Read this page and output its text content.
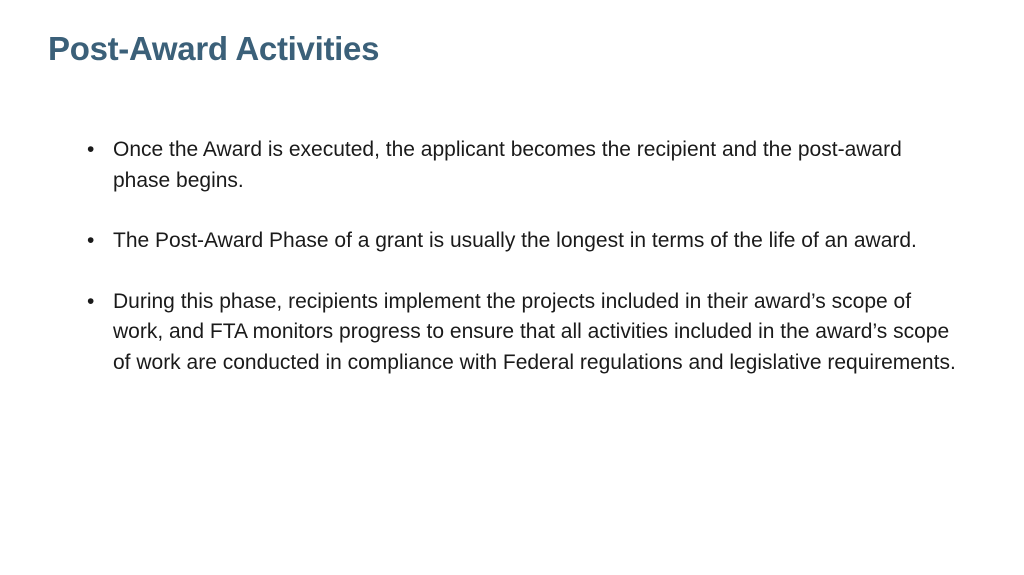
Post-Award Activities
• Once the Award is executed, the applicant becomes the recipient and the post-award phase begins.
• The Post-Award Phase of a grant is usually the longest in terms of the life of an award.
• During this phase, recipients implement the projects included in their award’s scope of work, and FTA monitors progress to ensure that all activities included in the award’s scope of work are conducted in compliance with Federal regulations and legislative requirements.
